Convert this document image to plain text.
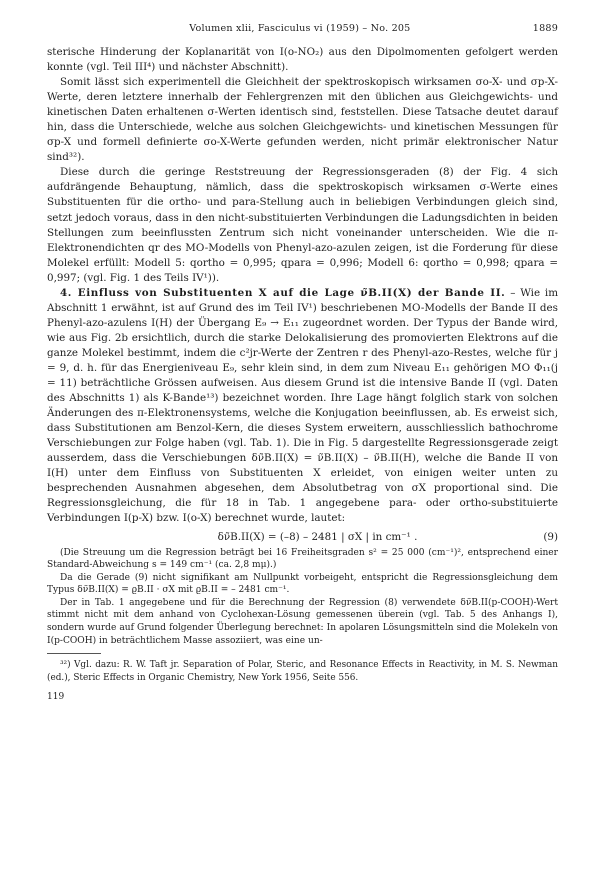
Volumen xlii, Fasciculus vi (1959) – No. 205	1889

sterische Hinderung der Koplanarität von I(o-NO₂) aus den Dipolmomenten gefolgert werden konnte (vgl. Teil III⁴) und nächster Abschnitt).

Somit lässt sich experimentell die Gleichheit der spektroskopisch wirksamen σo-X- und σp-X-Werte, deren letztere innerhalb der Fehlergrenzen mit den üblichen aus Gleichgewichts- und kinetischen Daten erhaltenen σ-Werten identisch sind, feststellen. Diese Tatsache deutet darauf hin, dass die Unterschiede, welche aus solchen Gleichgewichts- und kinetischen Messungen für σp-X und formell definierte σo-X-Werte gefunden werden, nicht primär elektronischer Natur sind³²).

Diese durch die geringe Reststreuung der Regressionsgeraden (8) der Fig. 4 sich aufdrängende Behauptung, nämlich, dass die spektroskopisch wirksamen σ-Werte eines Substituenten für die ortho- und para-Stellung auch in beliebigen Verbindungen gleich sind, setzt jedoch voraus, dass in den nicht-substituierten Verbindungen die Ladungsdichten in beiden Stellungen zum beeinflussten Zentrum sich nicht voneinander unterscheiden. Wie die π-Elektronendichten qr des MO-Modells von Phenyl-azo-azulen zeigen, ist die Forderung für diese Molekel erfüllt: Modell 5: qortho = 0,995; qpara = 0,996; Modell 6: qortho = 0,998; qpara = 0,997; (vgl. Fig. 1 des Teils IV¹)).

4. Einfluss von Substituenten X auf die Lage ν̃B.II(X) der Bande II. – Wie im Abschnitt 1 erwähnt, ist auf Grund des im Teil IV¹) beschriebenen MO-Modells der Bande II des Phenyl-azo-azulens I(H) der Übergang E₉ → E₁₁ zugeordnet worden. Der Typus der Bande wird, wie aus Fig. 2b ersichtlich, durch die starke Delokalisierung des promovierten Elektrons auf die ganze Molekel bestimmt, indem die c²jr-Werte der Zentren r des Phenyl-azo-Restes, welche für j = 9, d. h. für das Energieniveau E₉, sehr klein sind, in dem zum Niveau E₁₁ gehörigen MO Φ₁₁(j = 11) beträchtliche Grössen aufweisen. Aus diesem Grund ist die intensive Bande II (vgl. Daten des Abschnitts 1) als K-Bande¹³) bezeichnet worden. Ihre Lage hängt folglich stark von solchen Änderungen des π-Elektronensystems, welche die Konjugation beeinflussen, ab. Es erweist sich, dass Substitutionen am Benzol-Kern, die dieses System erweitern, ausschliesslich bathochrome Verschiebungen zur Folge haben (vgl. Tab. 1). Die in Fig. 5 dargestellte Regressionsgerade zeigt ausserdem, dass die Verschiebungen δν̃B.II(X) = ν̃B.II(X) – ν̃B.II(H), welche die Bande II von I(H) unter dem Einfluss von Substituenten X erleidet, von einigen weiter unten zu besprechenden Ausnahmen abgesehen, dem Absolutbetrag von σX proportional sind. Die Regressionsgleichung, die für 18 in Tab. 1 angegebene para- oder ortho-substituierte Verbindungen I(p-X) bzw. I(o-X) berechnet wurde, lautet:

δν̃B.II(X) = (–8) – 2481 | σX | in cm⁻¹ .	(9)

(Die Streuung um die Regression beträgt bei 16 Freiheitsgraden s² = 25 000 (cm⁻¹)², entsprechend einer Standard-Abweichung s = 149 cm⁻¹ (ca. 2,8 mμ).)

Da die Gerade (9) nicht signifikant am Nullpunkt vorbeigeht, entspricht die Regressionsgleichung dem Typus δν̃B.II(X) = ϱB.II · σX mit ϱB.II = – 2481 cm⁻¹.

Der in Tab. 1 angegebene und für die Berechnung der Regression (8) verwendete δν̃B.II(p-COOH)-Wert stimmt nicht mit dem anhand von Cyclohexan-Lösung gemessenen überein (vgl. Tab. 5 des Anhangs I), sondern wurde auf Grund folgender Überlegung berechnet: In apolaren Lösungsmitteln sind die Molekeln von I(p-COOH) in beträchtlichem Masse assoziiert, was eine un-

³²) Vgl. dazu: R. W. Taft jr. Separation of Polar, Steric, and Resonance Effects in Reactivity, in M. S. Newman (ed.), Steric Effects in Organic Chemistry, New York 1956, Seite 556.

119
